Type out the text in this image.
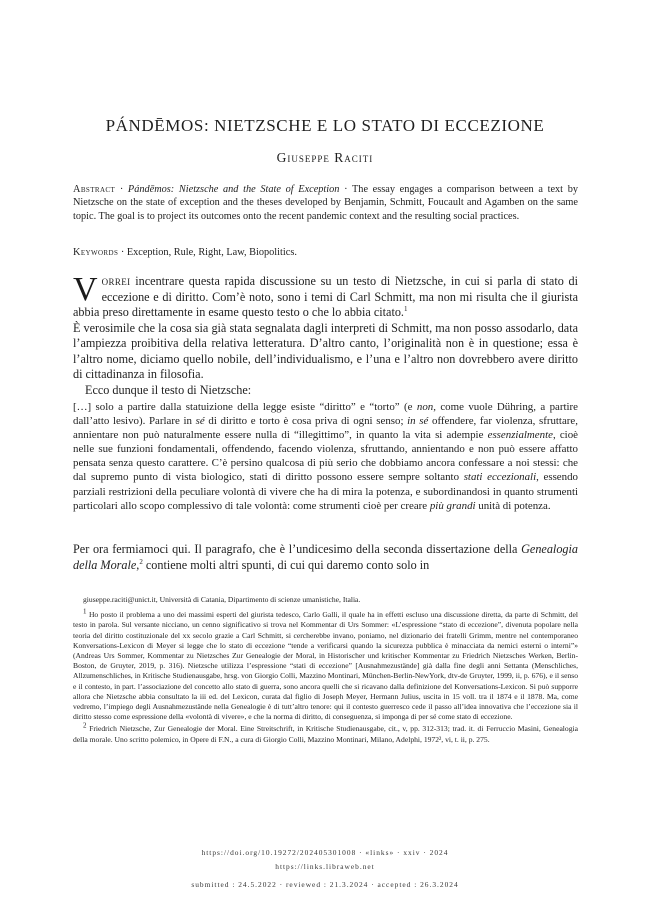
PÁNDĒMOS: NIETZSCHE E LO STATO DI ECCEZIONE
Giuseppe Raciti
Abstract · Pándēmos: Nietzsche and the State of Exception · The essay engages a comparison between a text by Nietzsche on the state of exception and the theses developed by Benjamin, Schmitt, Foucault and Agamben on the same topic. The goal is to project its outcomes onto the recent pandemic context and the resulting social practices.
Keywords · Exception, Rule, Right, Law, Biopolitics.

Vorrei incentrare questa rapida discussione su un testo di Nietzsche, in cui si parla di stato di eccezione e di diritto. Com’è noto, sono i temi di Carl Schmitt, ma non mi risulta che il giurista abbia preso direttamente in esame questo testo o che lo abbia citato.$^1$

È verosimile che la cosa sia già stata segnalata dagli interpreti di Schmitt, ma non posso assodarlo, data l’ampiezza proibitiva della relativa letteratura. D’altro canto, l’originalità non è in questione; essa è l’altro nome, diciamo quello nobile, dell’individualismo, e l’una e l’altro non dovrebbero avere diritto di cittadinanza in filosofia.

Ecco dunque il testo di Nietzsche:

[…] solo a partire dalla statuizione della legge esiste “diritto” e “torto” (e non, come vuole Dühring, a partire dall’atto lesivo). Parlare in sé di diritto e torto è cosa priva di ogni senso; in sé offendere, far violenza, sfruttare, annientare non può naturalmente essere nulla di “illegittimo”, in quanto la vita si adempie essenzialmente, cioè nelle sue funzioni fondamentali, offendendo, facendo violenza, sfruttando, annientando e non può essere affatto pensata senza questo carattere. C’è persino qualcosa di più serio che dobbiamo ancora confessare a noi stessi: che dal supremo punto di vista biologico, stati di diritto possono essere sempre soltanto stati eccezionali, essendo parziali restrizioni della peculiare volontà di vivere che ha di mira la potenza, e subordinandosi in quanto strumenti particolari allo scopo complessivo di tale volontà: come strumenti cioè per creare più grandi unità di potenza.
Per ora fermiamoci qui. Il paragrafo, che è l’undicesimo della seconda dissertazione della Genealogia della Morale,$^2$ contiene molti altri spunti, di cui qui daremo conto solo in

giuseppe.raciti@unict.it, Università di Catania, Dipartimento di scienze umanistiche, Italia.

$^1$ Ho posto il problema a uno dei massimi esperti del giurista tedesco, Carlo Galli, il quale ha in effetti escluso una discussione diretta, da parte di Schmitt, del testo in parola. Sul versante nicciano, un cenno significativo si trova nel Kommentar di Urs Sommer: «L’espressione “stato di eccezione”, divenuta popolare nella teoria del diritto costituzionale del xx secolo grazie a Carl Schmitt, si cercherebbe invano, poniamo, nel dizionario dei fratelli Grimm, mentre nel contemporaneo Konversations-Lexicon di Meyer si legge che lo stato di eccezione “tende a verificarsi quando la sicurezza pubblica è minacciata da nemici esterni o interni”» (Andreas Urs Sommer, Kommentar zu Nietzsches Zur Genealogie der Moral, in Historischer und kritischer Kommentar zu Friedrich Nietzsches Werken, Berlin-Boston, de Gruyter, 2019, p. 316). Nietzsche utilizza l’espressione “stati di eccezione” [Ausnahmezustände] già dalla fine degli anni Settanta (Menschliches, Allzumenschliches, in Kritische Studienausgabe, hrsg. von Giorgio Colli, Mazzino Montinari, München-Berlin-NewYork, dtv-de Gruyter, 1999, ii, p. 676), e il senso e il contesto, in part. l’associazione del concetto allo stato di guerra, sono ancora quelli che si ricavano dalla definizione del Konversations-Lexicon. Si può supporre allora che Nietzsche abbia consultato la iii ed. del Lexicon, curata dal figlio di Joseph Meyer, Hermann Julius, uscita in 15 voll. tra il 1874 e il 1878. Ma, come vedremo, l’impiego degli Ausnahmezustände nella Genealogie è di tutt’altro tenore: qui il contesto guerresco cede il passo all’idea innovativa che l’eccezione sia il diritto stesso come espressione della «volontà di vivere», e che la norma di diritto, di conseguenza, si imponga di per sé come stato di eccezione.

$^2$ Friedrich Nietzsche, Zur Genealogie der Moral. Eine Streitschrift, in Kritische Studienausgabe, cit., v, pp. 312-313; trad. it. di Ferruccio Masini, Genealogia della morale. Uno scritto polemico, in Opere di F.N., a cura di Giorgio Colli, Mazzino Montinari, Milano, Adelphi, 1972², vi, t. ii, p. 275.

https://doi.org/10.19272/202405301008 · «links» · xxiv · 2024
https://links.libraweb.net
submitted : 24.5.2022 · reviewed : 21.3.2024 · accepted : 26.3.2024
